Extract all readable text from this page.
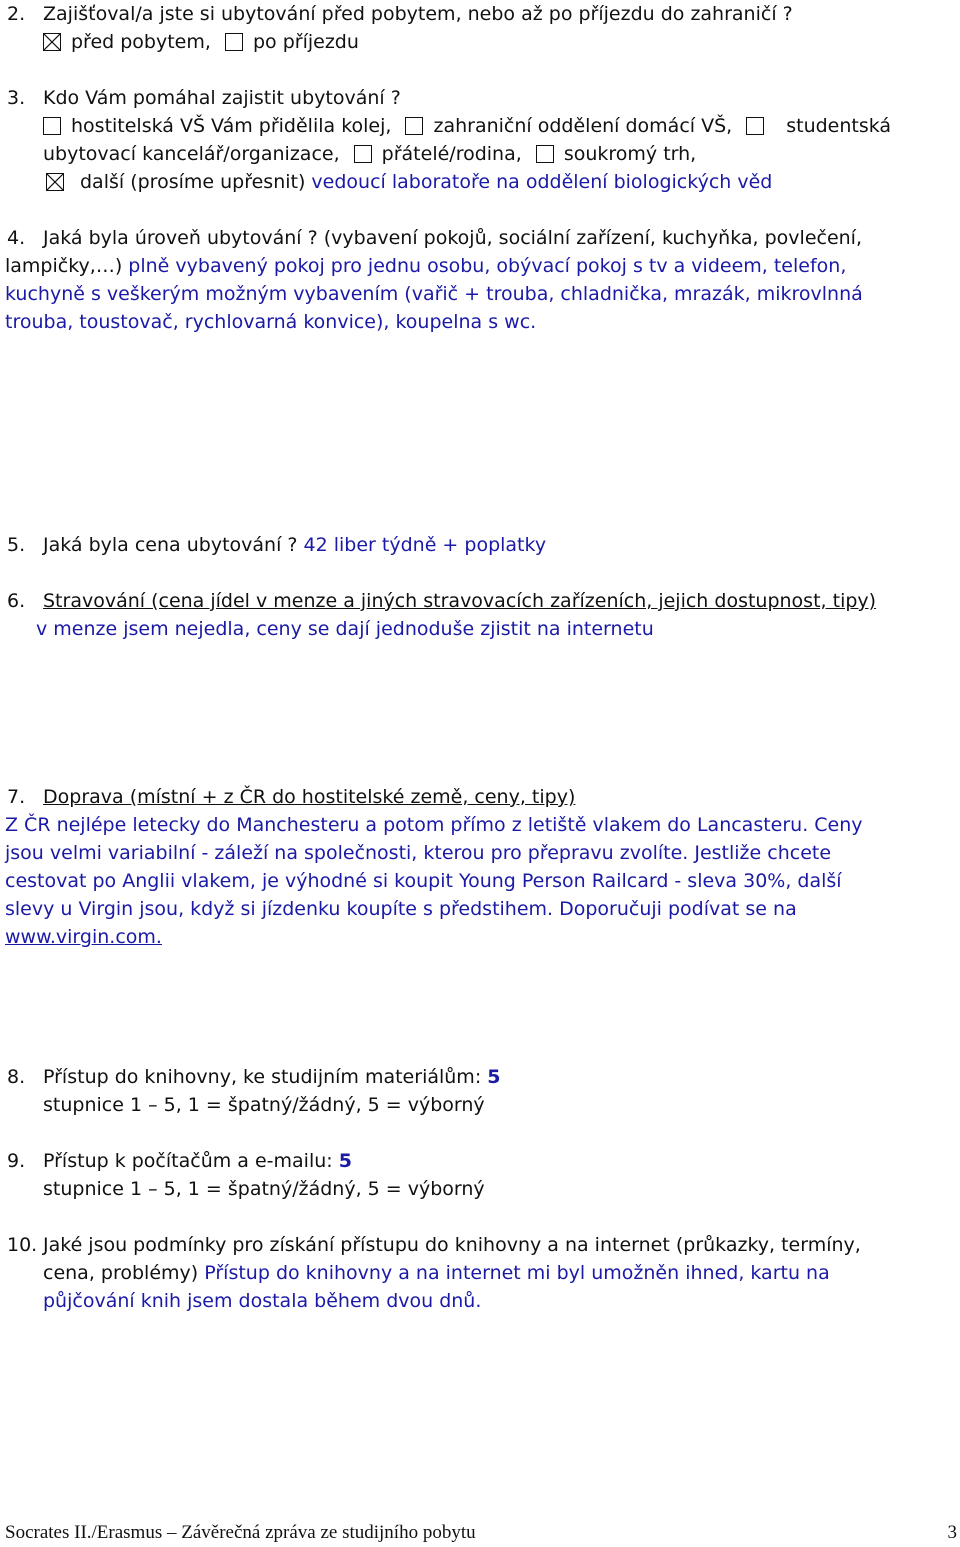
2. Zajišťoval/a jste si ubytování před pobytem, nebo až po příjezdu do zahraničí ?
před pobytem, po příjezdu
3. Kdo Vám pomáhal zajistit ubytování ?
hostitelská VŠ Vám přidělila kolej, zahraniční oddělení domácí VŠ,	studentská
ubytovací kancelář/organizace, přátelé/rodina, soukromý trh,
další (prosíme upřesnit) vedoucí laboratoře na oddělení biologických věd
4. Jaká byla úroveň ubytování ? (vybavení pokojů, sociální zařízení, kuchyňka, povlečení,
lampičky,…) plně vybavený pokoj pro jednu osobu, obývací pokoj s tv a videem, telefon,
kuchyně s veškerým možným vybavením (vařič + trouba, chladnička, mrazák, mikrovlnná
trouba, toustovač, rychlovarná konvice), koupelna s wc.
5. Jaká byla cena ubytování ? 42 liber týdně + poplatky
6. Stravování (cena jídel v menze a jiných stravovacích zařízeních, jejich dostupnost, tipy)
v menze jsem nejedla, ceny se dají jednoduše zjistit na internetu
7. Doprava (místní + z ČR do hostitelské země, ceny, tipy)
Z ČR nejlépe letecky do Manchesteru a potom přímo z letiště vlakem do Lancasteru. Ceny
jsou velmi variabilní - záleží na společnosti, kterou pro přepravu zvolíte. Jestliže chcete
cestovat po Anglii vlakem, je výhodné si koupit Young Person Railcard - sleva 30%, další
slevy u Virgin jsou, když si jízdenku koupíte s předstihem. Doporučuji podívat se na
www.virgin.com.
8. Přístup do knihovny, ke studijním materiálům: 5
stupnice 1 – 5, 1 = špatný/žádný, 5 = výborný
9. Přístup k počítačům a e-mailu: 5
stupnice 1 – 5, 1 = špatný/žádný, 5 = výborný
10. Jaké jsou podmínky pro získání přístupu do knihovny a na internet (průkazky, termíny,
cena, problémy) Přístup do knihovny a na internet mi byl umožněn ihned, kartu na
půjčování knih jsem dostala během dvou dnů.
Socrates II./Erasmus – Závěrečná zpráva ze studijního pobytu	3
